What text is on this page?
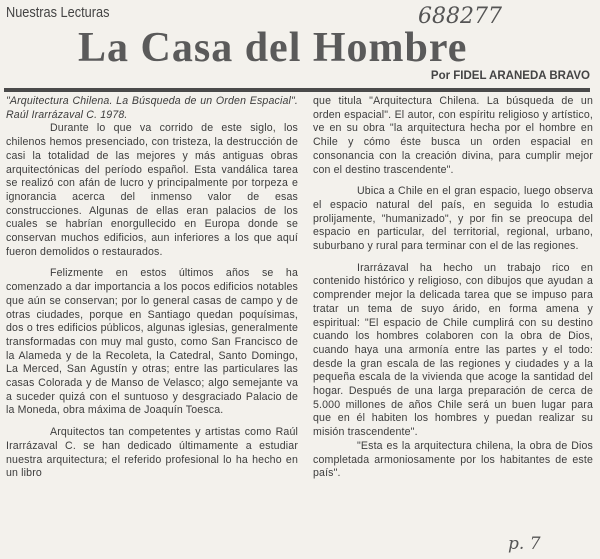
Nuestras Lecturas
La Casa del Hombre
688277
Por FIDEL ARANEDA BRAVO

"Arquitectura Chilena. La Búsqueda de un Orden Espacial". Raúl Irarrázaval C. 1978.

Durante lo que va corrido de este siglo, los chilenos hemos presenciado, con tristeza, la destrucción de casi la totalidad de las mejores y más antiguas obras arquitectónicas del período español. Esta vandálica tarea se realizó con afán de lucro y principalmente por torpeza e ignorancia acerca del inmenso valor de esas construcciones. Algunas de ellas eran palacios de los cuales se habrían enorgullecido en Europa donde se conservan muchos edificios, aun inferiores a los que aquí fueron demolidos o restaurados.

Felizmente en estos últimos años se ha comenzado a dar importancia a los pocos edificios notables que aún se conservan; por lo general casas de campo y de otras ciudades, porque en Santiago quedan poquísimas, dos o tres edificios públicos, algunas iglesias, generalmente transformadas con muy mal gusto, como San Francisco de la Alameda y de la Recoleta, la Catedral, Santo Domingo, La Merced, San Agustín y otras; entre las particulares las casas Colorada y de Manso de Velasco; algo semejante va a suceder quizá con el suntuoso y desgraciado Palacio de la Moneda, obra máxima de Joaquín Toesca.

Arquitectos tan competentes y artistas como Raúl Irarrázaval C. se han dedicado últimamente a estudiar nuestra arquitectura; el referido profesional lo ha hecho en un libro

que titula "Arquitectura Chilena. La búsqueda de un orden espacial". El autor, con espíritu religioso y artístico, ve en su obra "la arquitectura hecha por el hombre en Chile y cómo éste busca un orden espacial en consonancia con la creación divina, para cumplir mejor con el destino trascendente".

Ubica a Chile en el gran espacio, luego observa el espacio natural del país, en seguida lo estudia prolijamente, "humanizado", y por fin se preocupa del espacio en particular, del territorial, regional, urbano, suburbano y rural para terminar con el de las regiones.

Irarrázaval ha hecho un trabajo rico en contenido histórico y religioso, con dibujos que ayudan a comprender mejor la delicada tarea que se impuso para tratar un tema de suyo árido, en forma amena y espiritual: "El espacio de Chile cumplirá con su destino cuando los hombres colaboren con la obra de Dios, cuando haya una armonía entre las partes y el todo: desde la gran escala de las regiones y ciudades y a la pequeña escala de la vivienda que acoge la santidad del hogar. Después de una larga preparación de cerca de 5.000 millones de años Chile será un buen lugar para que en él habiten los hombres y puedan realizar su misión trascendente".

"Esta es la arquitectura chilena, la obra de Dios completada armoniosamente por los habitantes de este país".

p. 7
